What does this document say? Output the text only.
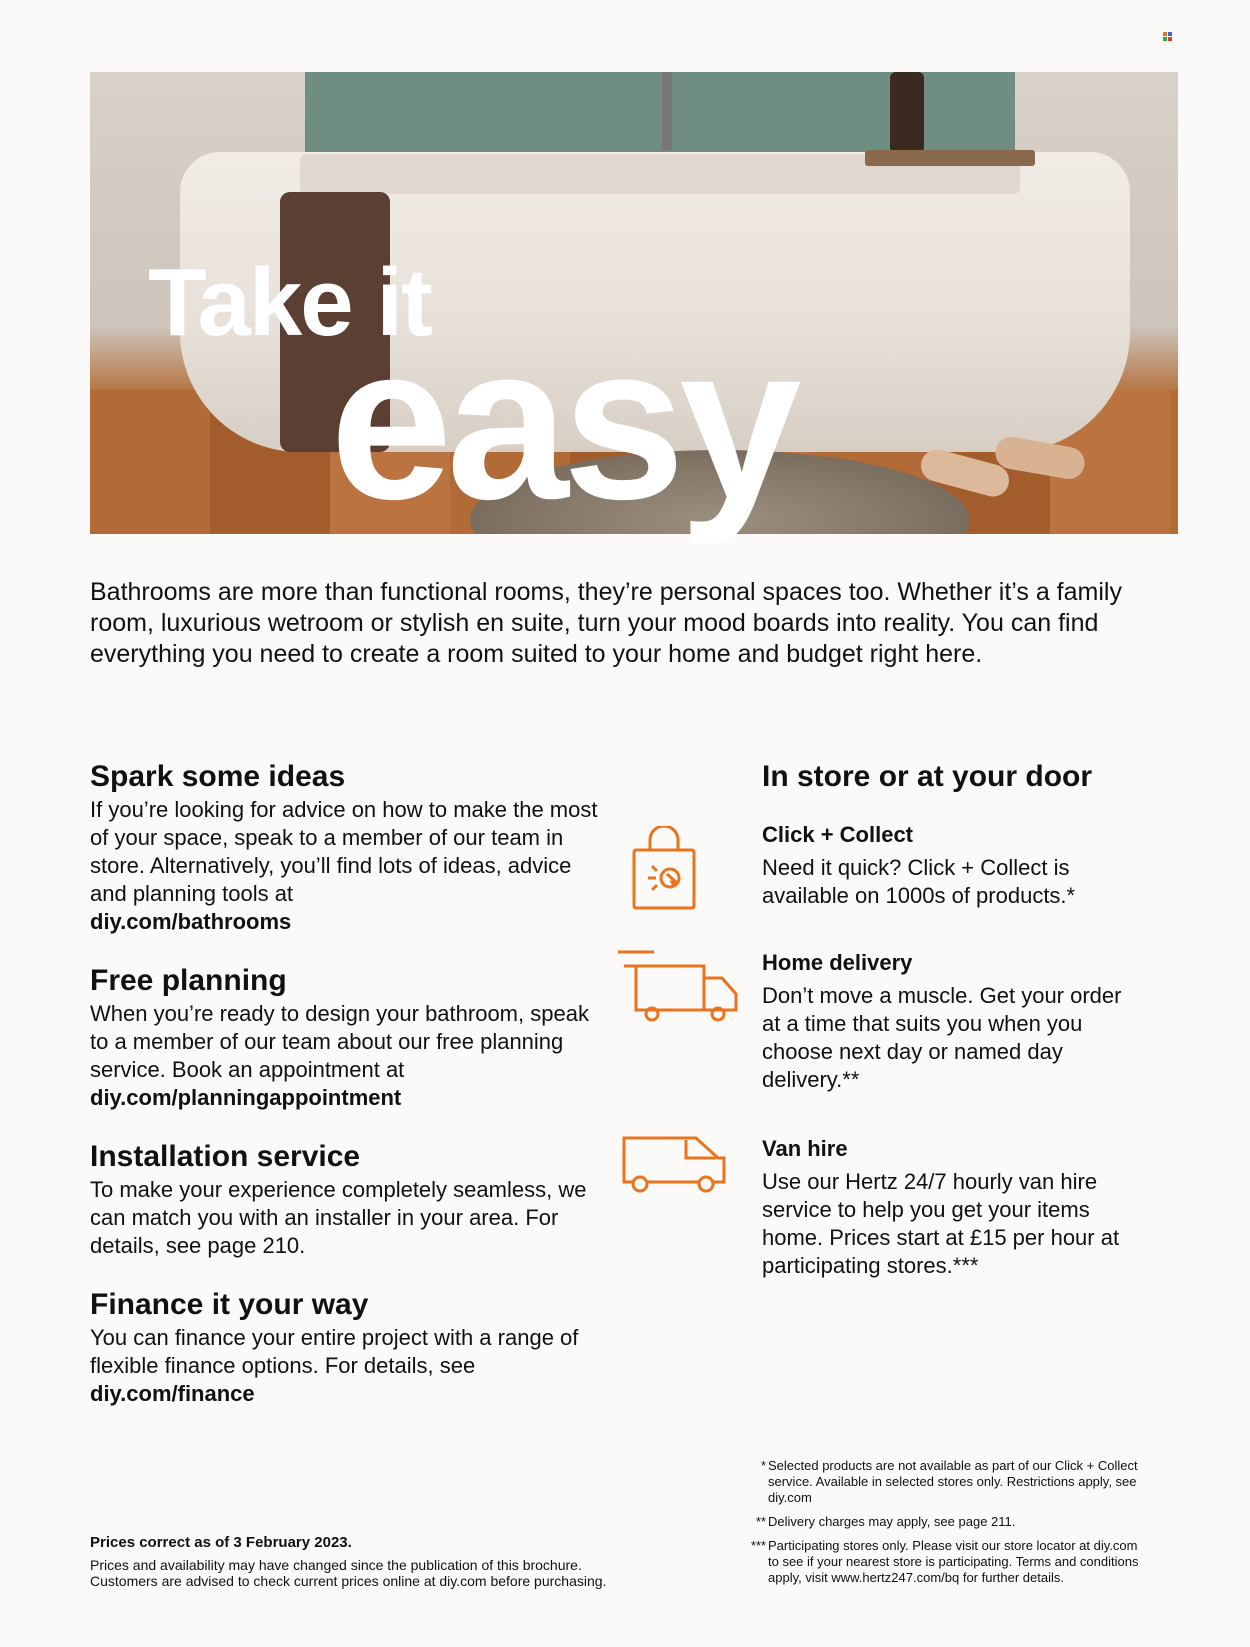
Take it
easy
Bathrooms are more than functional rooms, they’re personal spaces too. Whether it’s a family room, luxurious wetroom or stylish en suite, turn your mood boards into reality. You can find everything you need to create a room suited to your home and budget right here.
Spark some ideas

If you’re looking for advice on how to make the most of your space, speak to a member of our team in store. Alternatively, you’ll find lots of ideas, advice and planning tools at
diy.com/bathrooms

Free planning

When you’re ready to design your bathroom, speak to a member of our team about our free planning service. Book an appointment at diy.com/planningappointment

Installation service

To make your experience completely seamless, we can match you with an installer in your area. For details, see page 210.

Finance it your way

You can finance your entire project with a range of flexible finance options. For details, see diy.com/finance

In store or at your door
Click + Collect

Need it quick? Click + Collect is available on 1000s of products.*

Home delivery

Don’t move a muscle. Get your order at a time that suits you when you choose next day or named day delivery.**

Van hire

Use our Hertz 24/7 hourly van hire service to help you get your items home. Prices start at £15 per hour at participating stores.***

Prices correct as of 3 February 2023.
Prices and availability may have changed since the publication of this brochure. Customers are advised to check current prices online at diy.com before purchasing.
* Selected products are not available as part of our Click + Collect service. Available in selected stores only. Restrictions apply, see diy.com
** Delivery charges may apply, see page 211.
*** Participating stores only. Please visit our store locator at diy.com to see if your nearest store is participating. Terms and conditions apply, visit www.hertz247.com/bq for further details.
